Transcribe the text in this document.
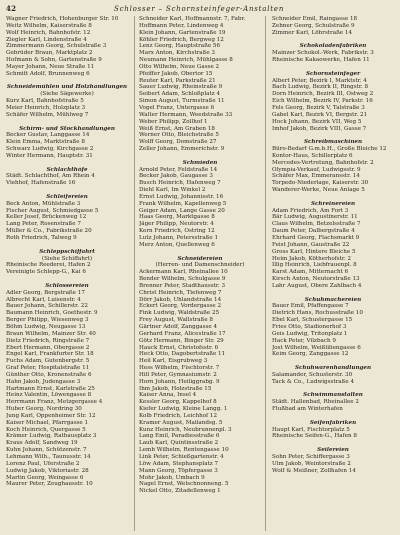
42	Schlosser – Schornsteinfeger-Anstalten
Wagner Friedrich, Hohenburger Str. 10
Weitz Wilhelm, Kaiserstraße 8
Wolf Heinrich, Bahnhofstr. 12
Ziegler Karl, Lindenstraße 4
Zimmermann Georg, Schulstraße 3
Gebrüder Braun, Marktplatz 2
Hofmann & Sohn, Gartenstraße 9
Mayer Johann, Neue Straße 11
Schmitt Adolf, Brunnenweg 6

Schneidemühlen und Holzhandlungen
(Siehe Sägewerke)
Kurz Karl, Bahnhofstraße 5
Meier Heinrich, Holzplatz 3
Schäfer Wilhelm, Mühlweg 7

Schirm- und Stockhandlungen
Becker Gustav, Langgasse 14
Klein Emma, Marktstraße 8
Schwarz Ludwig, Kirchgasse 2
Winter Hermann, Hauptstr. 31

Schlachthöfe
Städt. Schlachthof, Am Rhein 4
Viehhof, Hafenstraße 16

Schleifereien
Beck Anton, Mühlstraße 3
Fischer August, Schmiedgasse 5
Keller Josef, Brückenweg 12
Lang Peter, Rosenstraße 7
Müller & Co., Fabrikstraße 20
Roth Friedrich, Talweg 9

Schleppschiffahrt
(Siehe Schiffahrt)
Rheinische Reederei, Hafen 2
Vereinigte Schlepp-G., Kai 6

Schlossereien
Adler Georg, Bergstraße 17
Albrecht Karl, Luisenstr. 4
Bauer Johann, Schillerstr. 22
Baumann Heinrich, Goethestr. 9
Berger Philipp, Wiesenweg 3
Böhm Ludwig, Neugasse 13
Braun Wilhelm, Mainzer Str. 40
Dietz Friedrich, Ringstraße 7
Ebert Hermann, Obergasse 2
Engel Karl, Frankfurter Str. 18
Fuchs Adam, Gutenbergstr. 5
Graf Peter, Hospitalstraße 11
Günther Otto, Kronenstraße 6
Hahn Jakob, Judengasse 3
Hartmann Ernst, Karlstraße 25
Heinz Valentin, Löwengasse 8
Herrmann Franz, Metzgergasse 4
Huber Georg, Nordring 30
Jung Karl, Oppenheimer Str. 12
Kaiser Michael, Pfarrgasse 1
Koch Heinrich, Quergasse 5
Krämer Ludwig, Rathausplatz 3
Kraus Adolf, Sandweg 19
Kuhn Johann, Schützenstr. 7
Lehmann Wilh., Taunusstr. 14
Lorenz Paul, Uferstraße 2
Ludwig Jakob, Viktoriastr. 28
Martin Georg, Weingasse 6
Maurer Peter, Zeughausstr. 10
Schneider Karl, Hoffmannstr. 7, Fabr.
Hoffmann Peter, Lindenweg 4
Klein Johann, Gartenstraße 19
Köhler Friedrich, Bergweg 12
Lenz Georg, Hauptstraße 56
Marx Anton, Kirchstraße 3
Neumann Heinrich, Mühlgasse 8
Otto Wilhelm, Neue Gasse 2
Pfeiffer Jakob, Obertor 15
Reuter Karl, Parkstraße 21
Sauer Ludwig, Rheinstraße 9
Seibert Adam, Schloßplatz 4
Simon August, Turmstraße 11
Vogel Franz, Untergasse 6
Walter Hermann, Weedstraße 33
Weber Philipp, Zollhof 1
Weiß Ernst, Am Graben 18
Werner Otto, Bleichstraße 5
Wolff Georg, Domstraße 27
Zeller Johann, Emmerichstr. 9

Schmieden
Arnold Peter, Feldstraße 14
Becker Jakob, Gaugasse 3
Busch Heinrich, Hafenweg 7
Diehl Karl, Im Winkel 2
Ernst Ludwig, Johannisstr. 16
Frank Wilhelm, Kapellenweg 5
Geiger Adam, Lange Gasse 20
Haas Georg, Marktgasse 8
Jäger Philipp, Neutorstr. 4
Kern Friedrich, Ostring 12
Lutz Johann, Petersstraße 1
Merz Anton, Quellenweg 6

Schneidereien
(Herren- und Damenschneider)
Ackermann Karl, Rheinallee 10
Bender Wilhelm, Schulgasse 9
Brenner Peter, Stadthausstr. 3
Christ Heinrich, Tiefenweg 7
Dörr Jakob, Uhlandstraße 14
Eckert Georg, Vordergasse 2
Fink Ludwig, Waldstraße 25
Frey August, Wallstraße 8
Gärtner Adolf, Zanggasse 4
Gerhard Franz, Alicestraße 17
Götz Hermann, Binger Str. 29
Hauck Ernst, Christofsstr. 6
Heck Otto, Dagobertstraße 11
Heil Karl, Eisgrubweg 3
Hess Wilhelm, Fischtorstr. 7
Hill Peter, Gymnasiumstr. 2
Horn Johann, Heiliggrabg. 9
Ihm Jakob, Holzstraße 15
Kaiser Anna, Insel 4
Kessler Georg, Kappelhof 8
Kiefer Ludwig, Kleine Langg. 1
Kolb Friedrich, Leichhof 12
Kramer August, Mailandsg. 5
Kunz Heinrich, Neubrunnenpl. 3
Lang Emil, Paradiesstraße 6
Laub Karl, Quintinsstraße 2
Lemb Wilhelm, Rentengasse 10
Link Peter, Schießgartenstr. 4
Löw Adam, Stephansplatz 7
Mann Georg, Töpfergasse 3
Mohr Jakob, Umbach 9
Nagel Ernst, Welschnonneng. 5
Nickel Otto, Zitadellenweg 1
Schneider Emil, Raingasse 18
Zehner Georg, Schulstraße 9
Zimmer Karl, Löhrstraße 14

Schokoladenfabriken
Mainzer Schokol.-Werk, Fabrikstr. 3
Rheinische Kakaowerke, Hafen 11

Schornsteinfeger
Albert Peter, Bezirk I, Marktstr. 4
Bach Ludwig, Bezirk II, Ringstr. 8
Dorn Heinrich, Bezirk III, Ostweg 2
Eich Wilhelm, Bezirk IV, Parkstr. 16
Fels Georg, Bezirk V, Talstraße 3
Gabel Karl, Bezirk VI, Bergstr. 21
Hock Johann, Bezirk VII, Weg 5
Imhof Jakob, Bezirk VIII, Gasse 7

Schreibmaschinen
Büro-Bedarf G.m.b.H., Große Bleiche 12
Kontor-Haus, Schillerplatz 6
Mercedes-Vertretung, Bahnhofstr. 2
Olympia-Verkauf, Ludwigsstr. 9
Schäfer Max, Emmeransstr. 14
Torpedo-Niederlage, Kaiserstr. 30
Wanderer-Werke, Neue Anlage 5

Schreinereien
Adam Friedrich, Am Fort 3
Bär Ludwig, Augustinerstr. 11
Claus Wilhelm, Betzelsstraße 7
Daum Peter, Dalbergstraße 4
Ehrhard Georg, Flachsmarkt 9
Feist Johann, Gaustraße 22
Gross Karl, Hintere Bleiche 5
Heim Jakob, Kötherhofstr. 2
Illig Heinrich, Liebfrauenpl. 8
Karst Adam, Mitternacht 6
Kirsch Anton, Neutorstraße 13
Lahr August, Obere Zahlbach 4

Schuhmachereien
Bauer Emil, Pfaffengasse 7
Dietrich Hans, Rochusstraße 10
Ebel Karl, Schustergasse 15
Fries Otto, Stadionerhof 3
Geis Ludwig, Tritonplatz 1
Hack Peter, Vilzbach 9
Jost Wilhelm, Weißliliengasse 6
Keim Georg, Zanggasse 12

Schuhwarenhandlungen
Salamander, Schusterstr. 30
Tack & Co., Ludwigsstraße 4

Schwimmanstalten
Städt. Hallenbad, Rheinallee 2
Flußbad am Winterhafen

Seifenfabriken
Haupt Karl, Fischtorplatz 5
Rheinische Seifen-G., Hafen 8

Seilereien
Sohn Peter, Schiffergasse 3
Ulm Jakob, Weintorstraße 2
Wolf & Meißner, Zollhafen 14
